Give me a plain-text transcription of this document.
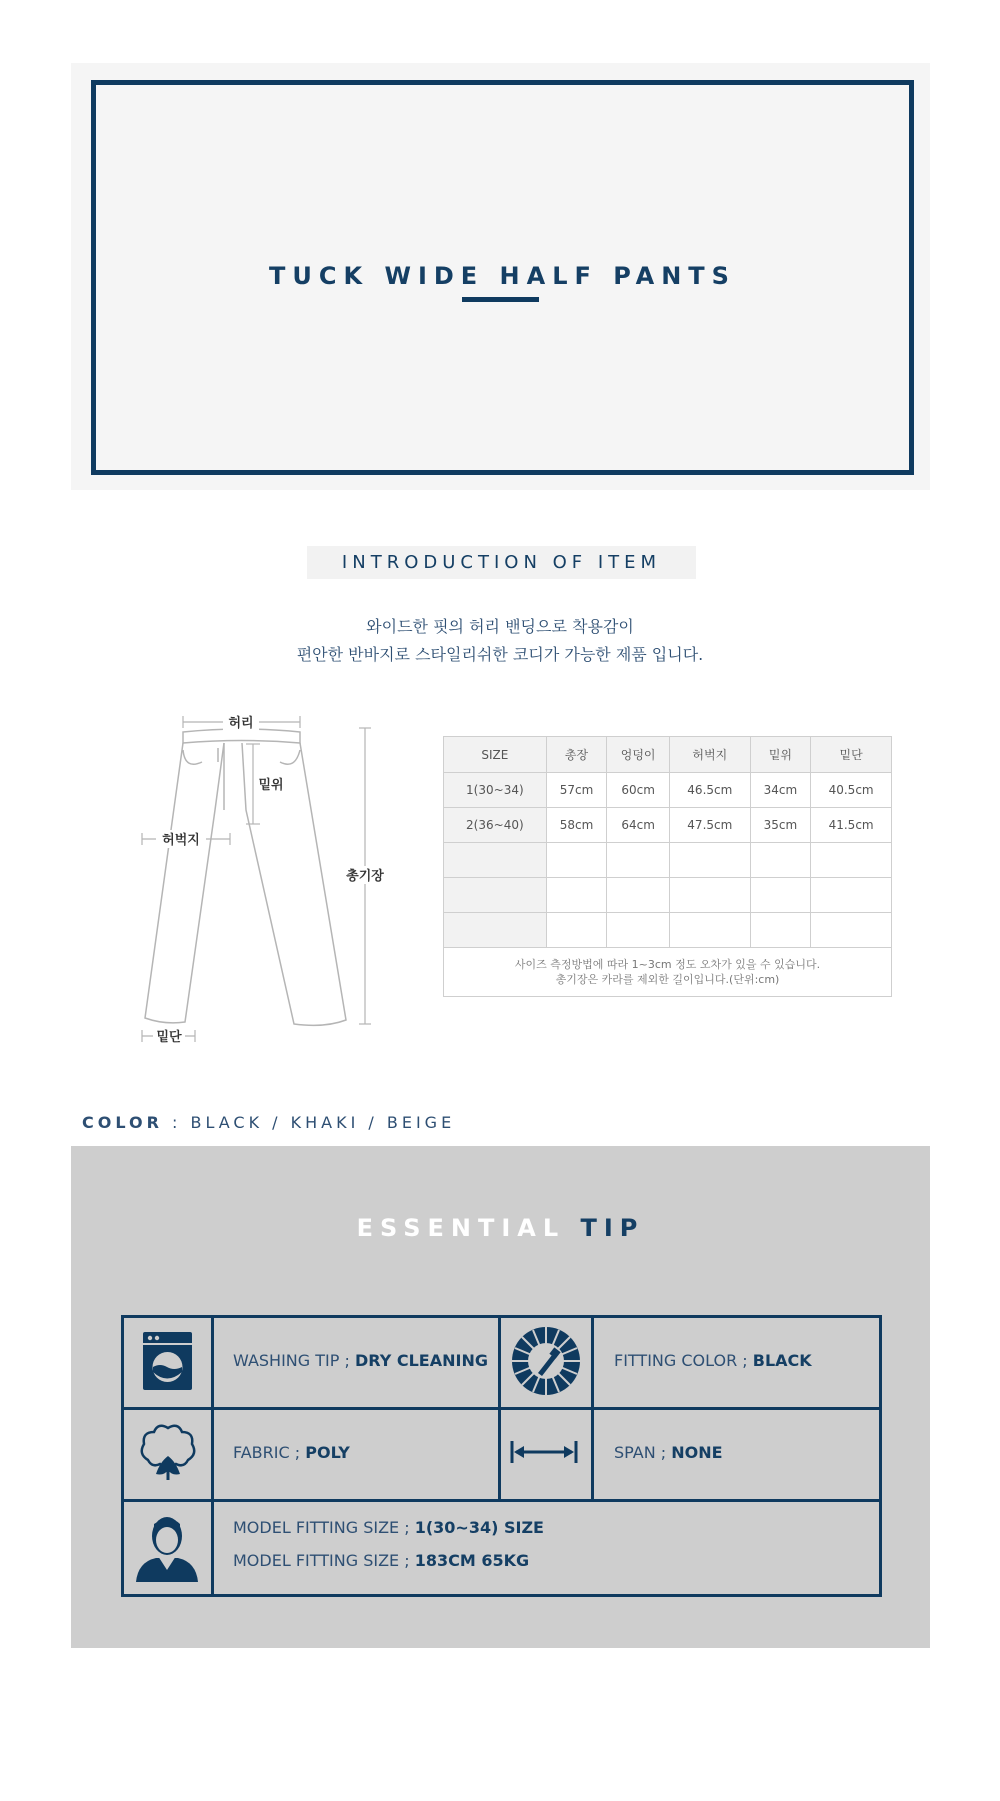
TUCK WIDE HALF PANTS
INTRODUCTION OF ITEM
와이드한 핏의 허리 밴딩으로 착용감이
편안한 반바지로 스타일리쉬한 코디가 가능한 제품 입니다.
허리
밑위
허벅지
총기장
밑단
SIZE	총장	엉덩이	허벅지	밑위	밑단
1(30~34)	57cm	60cm	46.5cm	34cm	40.5cm
2(36~40)	58cm	64cm	47.5cm	35cm	41.5cm

사이즈 측정방법에 따라 1~3cm 정도 오차가 있을 수 있습니다.
총기장은 카라를 제외한 길이입니다.(단위:cm)					
COLOR : BLACK / KHAKI / BEIGE
ESSENTIAL TIP
WASHING TIP ; DRY CLEANING	FITTING COLOR ; BLACK
FABRIC ; POLY	SPAN ; NONE
MODEL FITTING SIZE ; 1(30~34) SIZE
MODEL FITTING SIZE ; 183CM 65KG
